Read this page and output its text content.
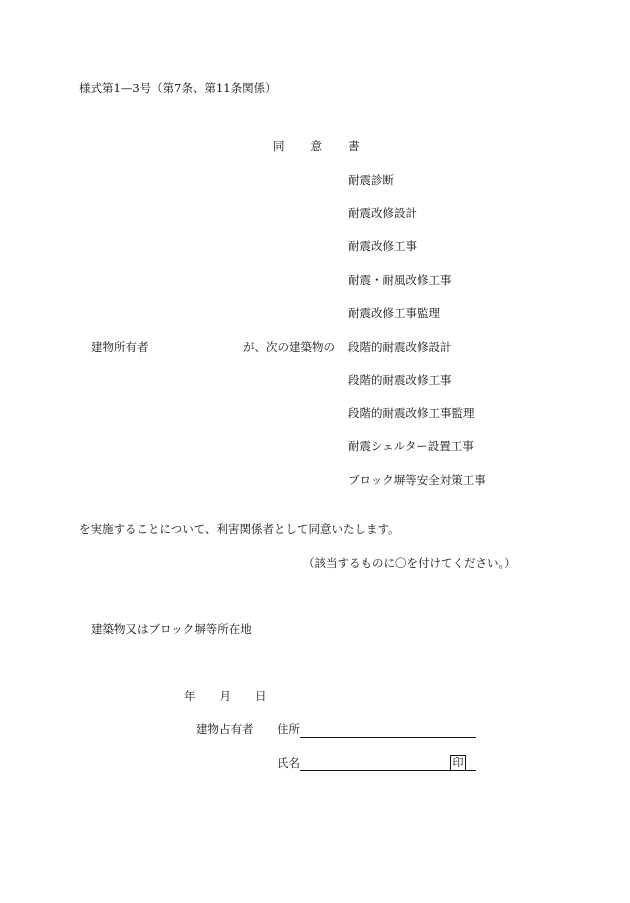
様式第1—3号（第7条、第11条関係）
同 意 書
耐震診断
耐震改修設計
耐震改修工事
耐震・耐風改修工事
耐震改修工事監理
段階的耐震改修設計
段階的耐震改修工事
段階的耐震改修工事監理
耐震シェルター設置工事
ブロック塀等安全対策工事
建物所有者	が、次の建築物の
を実施することについて、利害関係者として同意いたします。
（該当するものに〇を付けてください。）
建築物又はブロック塀等所在地
年 月 日
建物占有者 住所
氏名	印
